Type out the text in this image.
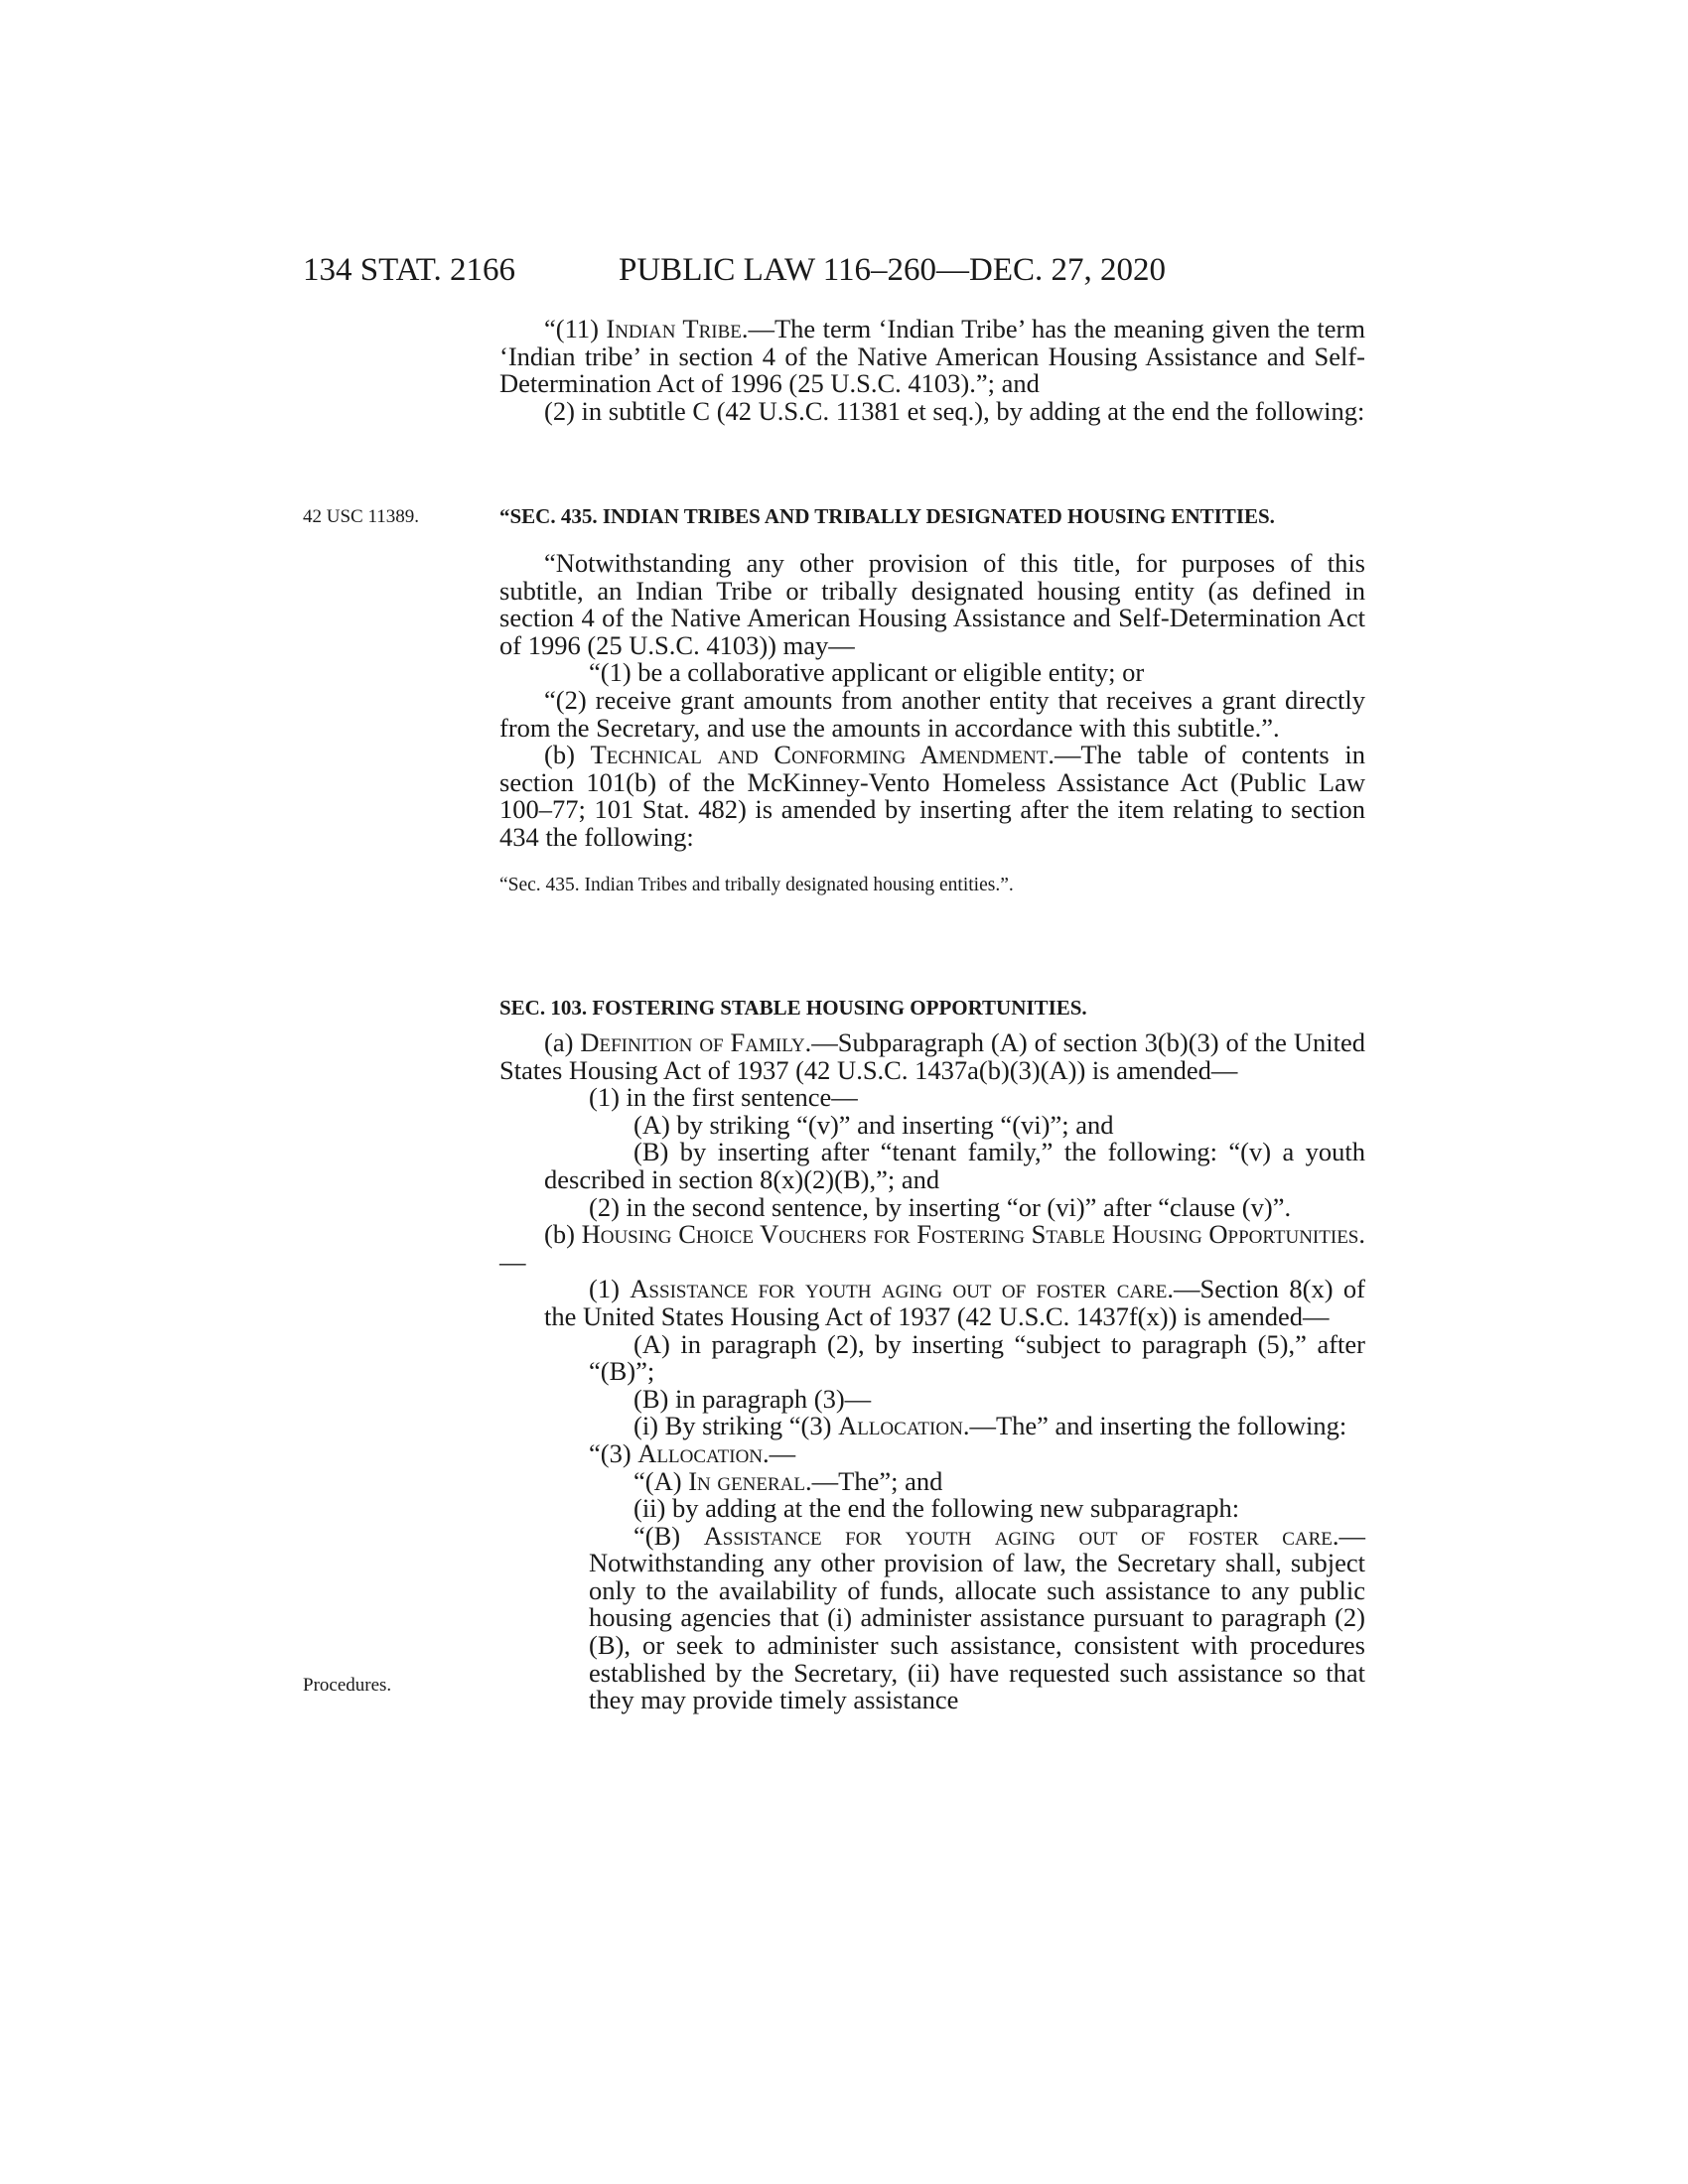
134 STAT. 2166	PUBLIC LAW 116–260—DEC. 27, 2020
42 USC 11389.
Procedures.

“(11) Indian Tribe.—The term ‘Indian Tribe’ has the meaning given the term ‘Indian tribe’ in section 4 of the Native American Housing Assistance and Self-Determination Act of 1996 (25 U.S.C. 4103).”; and

(2) in subtitle C (42 U.S.C. 11381 et seq.), by adding at the end the following:

“SEC. 435. INDIAN TRIBES AND TRIBALLY DESIGNATED HOUSING ENTITIES.

“Notwithstanding any other provision of this title, for purposes of this subtitle, an Indian Tribe or tribally designated housing entity (as defined in section 4 of the Native American Housing Assistance and Self-Determination Act of 1996 (25 U.S.C. 4103)) may—

“(1) be a collaborative applicant or eligible entity; or

“(2) receive grant amounts from another entity that receives a grant directly from the Secretary, and use the amounts in accordance with this subtitle.”.

(b) Technical and Conforming Amendment.—The table of contents in section 101(b) of the McKinney-Vento Homeless Assistance Act (Public Law 100–77; 101 Stat. 482) is amended by inserting after the item relating to section 434 the following:

“Sec. 435. Indian Tribes and tribally designated housing entities.”.

SEC. 103. FOSTERING STABLE HOUSING OPPORTUNITIES.

(a) Definition of Family.—Subparagraph (A) of section 3(b)(3) of the United States Housing Act of 1937 (42 U.S.C. 1437a(b)(3)(A)) is amended—

(1) in the first sentence—

(A) by striking “(v)” and inserting “(vi)”; and

(B) by inserting after “tenant family,” the following: “(v) a youth described in section 8(x)(2)(B),”; and

(2) in the second sentence, by inserting “or (vi)” after “clause (v)”.

(b) Housing Choice Vouchers for Fostering Stable Housing Opportunities.—

(1) Assistance for youth aging out of foster care.—Section 8(x) of the United States Housing Act of 1937 (42 U.S.C. 1437f(x)) is amended—

(A) in paragraph (2), by inserting “subject to paragraph (5),” after “(B)”;

(B) in paragraph (3)—

(i) By striking “(3) Allocation.—The” and inserting the following:

“(3) Allocation.—

“(A) In general.—The”; and

(ii) by adding at the end the following new subparagraph:

“(B) Assistance for youth aging out of foster care.—Notwithstanding any other provision of law, the Secretary shall, subject only to the availability of funds, allocate such assistance to any public housing agencies that (i) administer assistance pursuant to paragraph (2)(B), or seek to administer such assistance, consistent with procedures established by the Secretary, (ii) have requested such assistance so that they may provide timely assistance
